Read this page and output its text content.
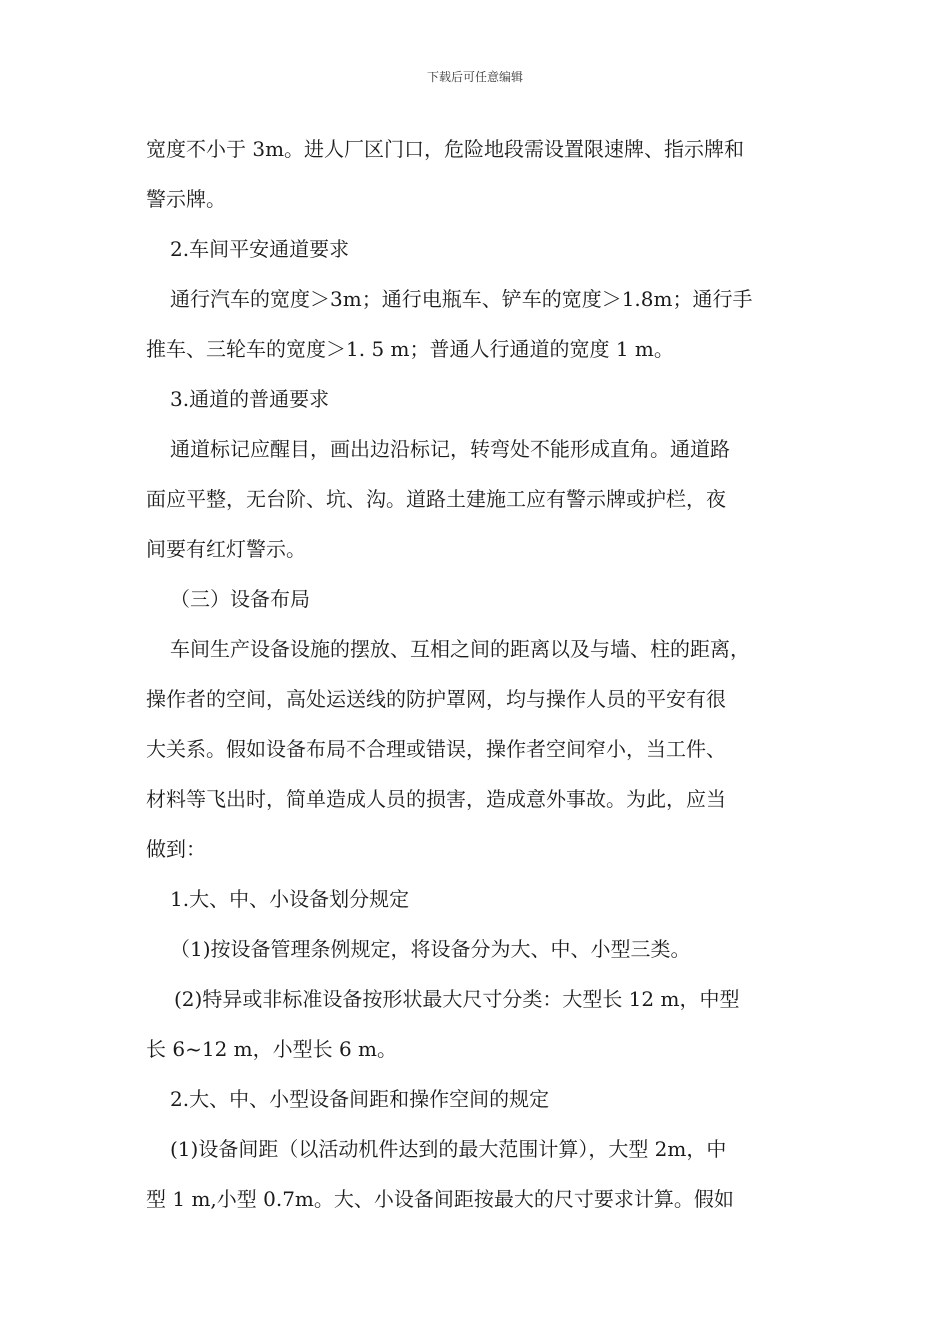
下载后可任意编辑
宽度不小于 3m。进人厂区门口，危险地段需设置限速牌、指示牌和
警示牌。
2.车间平安通道要求
通行汽车的宽度＞3m；通行电瓶车、铲车的宽度＞1.8m；通行手
推车、三轮车的宽度＞1. 5 m；普通人行通道的宽度 1 m。
3.通道的普通要求
通道标记应醒目，画出边沿标记，转弯处不能形成直角。通道路
面应平整，无台阶、坑、沟。道路土建施工应有警示牌或护栏，夜
间要有红灯警示。
（三）设备布局
车间生产设备设施的摆放、互相之间的距离以及与墙、柱的距离，
操作者的空间，高处运送线的防护罩网，均与操作人员的平安有很
大关系。假如设备布局不合理或错误，操作者空间窄小，当工件、
材料等飞出时，简单造成人员的损害，造成意外事故。为此，应当
做到：
1.大、中、小设备划分规定
（1)按设备管理条例规定，将设备分为大、中、小型三类。
(2)特异或非标准设备按形状最大尺寸分类：大型长 12 m，中型
长 6~12 m，小型长 6 m。
2.大、中、小型设备间距和操作空间的规定
(1)设备间距（以活动机件达到的最大范围计算），大型 2m，中
型 1 m,小型 0.7m。大、小设备间距按最大的尺寸要求计算。假如
